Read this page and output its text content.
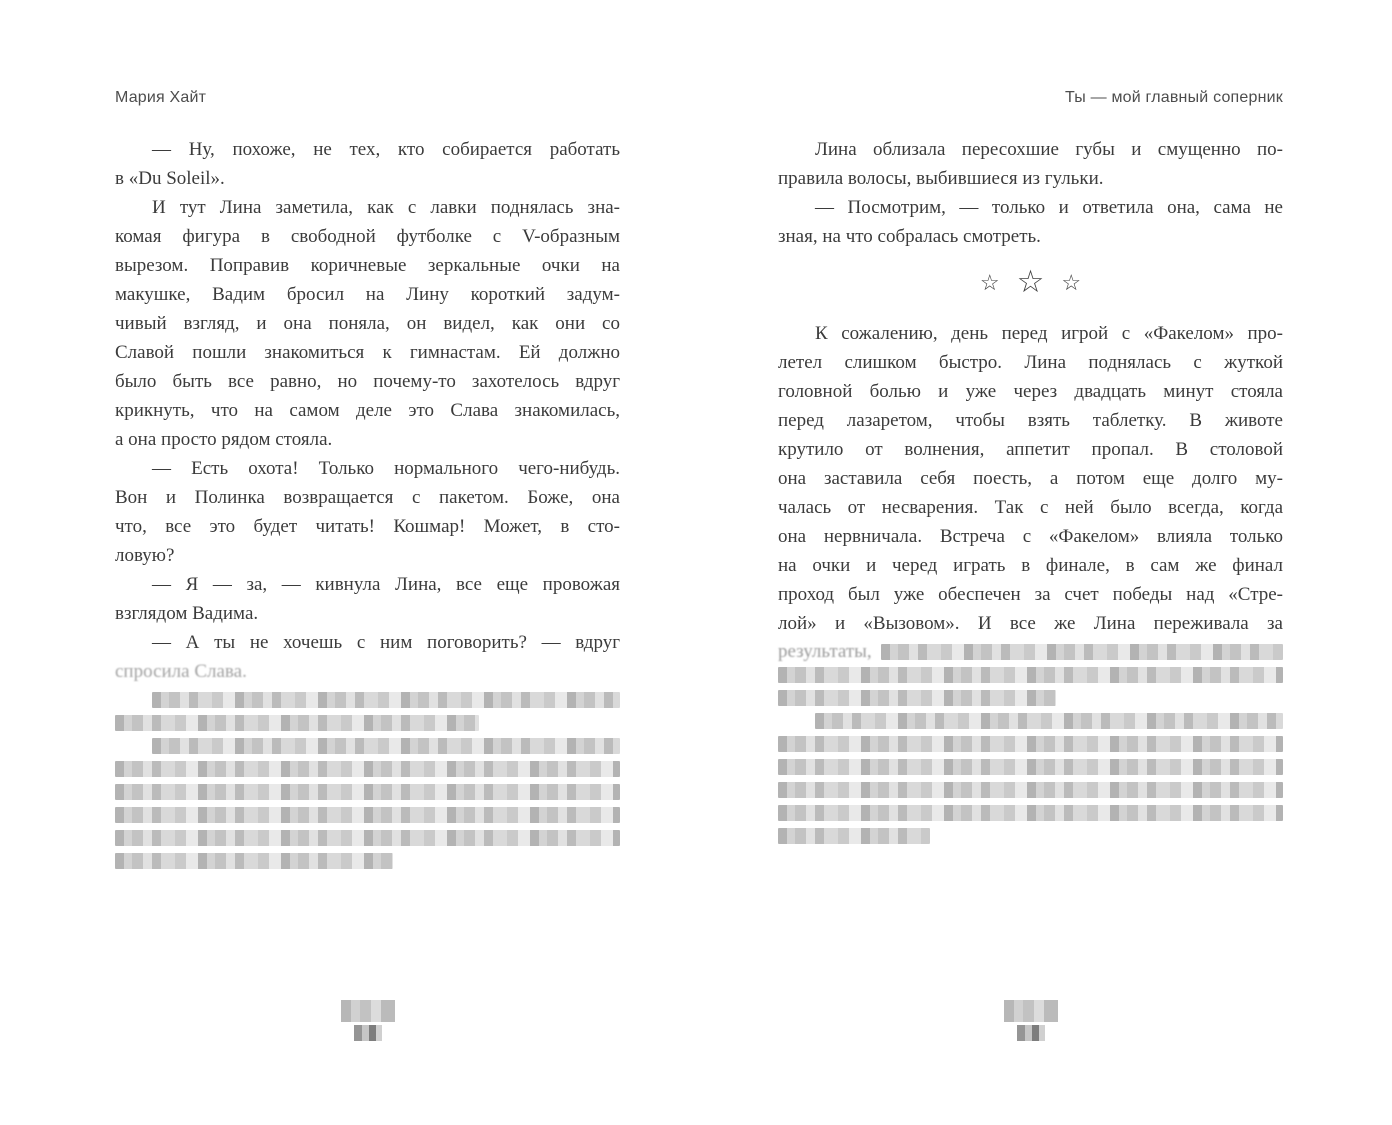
Мария Хайт
— Ну, похоже, не тех, кто собирается работать
в «Du Soleil».
И тут Лина заметила, как с лавки поднялась зна-
комая фигура в свободной футболке с V-образным
вырезом. Поправив коричневые зеркальные очки на
макушке, Вадим бросил на Лину короткий задум-
чивый взгляд, и она поняла, он видел, как они со
Славой пошли знакомиться к гимнастам. Ей должно
было быть все равно, но почему-то захотелось вдруг
крикнуть, что на самом деле это Слава знакомилась,
а она просто рядом стояла.
— Есть охота! Только нормального чего-нибудь.
Вон и Полинка возвращается с пакетом. Боже, она
что, все это будет читать! Кошмар! Может, в сто-
ловую?
— Я — за, — кивнула Лина, все еще провожая
взглядом Вадима.
— А ты не хочешь с ним поговорить? — вдруг
спросила Слава.
Ты — мой главный соперник
Лина облизала пересохшие губы и смущенно по-
правила волосы, выбившиеся из гульки.
— Посмотрим, — только и ответила она, сама не
зная, на что собралась смотреть.
☆ ☆ ☆
К сожалению, день перед игрой с «Факелом» про-
летел слишком быстро. Лина поднялась с жуткой
головной болью и уже через двадцать минут стояла
перед лазаретом, чтобы взять таблетку. В животе
крутило от волнения, аппетит пропал. В столовой
она заставила себя поесть, а потом еще долго му-
чалась от несварения. Так с ней было всегда, когда
она нервничала. Встреча с «Факелом» влияла только
на очки и черед играть в финале, в сам же финал
проход был уже обеспечен за счет победы над «Стре-
лой» и «Вызовом». И все же Лина переживала за
результаты,
